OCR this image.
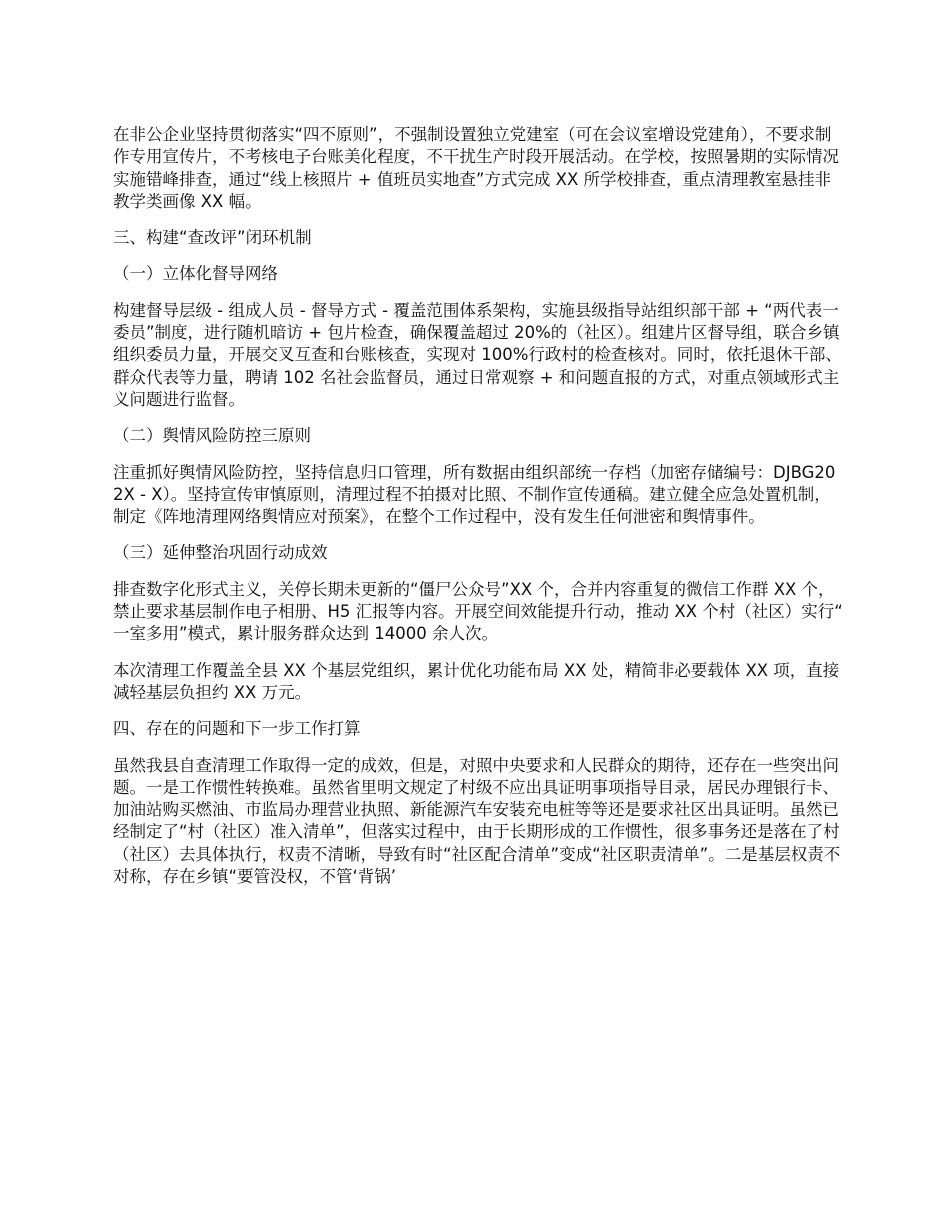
在非公企业坚持贯彻落实“四不原则”，不强制设置独立党建室（可在会议室增设党建角），不要求制作专用宣传片，不考核电子台账美化程度，不干扰生产时段开展活动。在学校，按照暑期的实际情况实施错峰排查，通过“线上核照片 + 值班员实地查”方式完成 XX 所学校排查，重点清理教室悬挂非教学类画像 XX 幅。

三、构建“查改评”闭环机制

（一）立体化督导网络

构建督导层级 - 组成人员 - 督导方式 - 覆盖范围体系架构，实施县级指导站组织部干部 + “两代表一委员”制度，进行随机暗访 + 包片检查，确保覆盖超过 20%的（社区）。组建片区督导组，联合乡镇组织委员力量，开展交叉互查和台账核查，实现对 100%行政村的检查核对。同时，依托退休干部、群众代表等力量，聘请 102 名社会监督员，通过日常观察 + 和问题直报的方式，对重点领域形式主义问题进行监督。

（二）舆情风险防控三原则

注重抓好舆情风险防控，坚持信息归口管理，所有数据由组织部统一存档（加密存储编号：DJBG202X - X）。坚持宣传审慎原则，清理过程不拍摄对比照、不制作宣传通稿。建立健全应急处置机制，制定《阵地清理网络舆情应对预案》，在整个工作过程中，没有发生任何泄密和舆情事件。

（三）延伸整治巩固行动成效

排查数字化形式主义，关停长期未更新的“僵尸公众号”XX 个，合并内容重复的微信工作群 XX 个，禁止要求基层制作电子相册、H5 汇报等内容。开展空间效能提升行动，推动 XX 个村（社区）实行“一室多用”模式，累计服务群众达到 14000 余人次。

本次清理工作覆盖全县 XX 个基层党组织，累计优化功能布局 XX 处，精简非必要载体 XX 项，直接减轻基层负担约 XX 万元。

四、存在的问题和下一步工作打算

虽然我县自查清理工作取得一定的成效，但是，对照中央要求和人民群众的期待，还存在一些突出问题。一是工作惯性转换难。虽然省里明文规定了村级不应出具证明事项指导目录，居民办理银行卡、加油站购买燃油、市监局办理营业执照、新能源汽车安装充电桩等等还是要求社区出具证明。虽然已经制定了“村（社区）准入清单”，但落实过程中，由于长期形成的工作惯性，很多事务还是落在了村（社区）去具体执行，权责不清晰，导致有时“社区配合清单”变成“社区职责清单”。二是基层权责不对称，存在乡镇“要管没权，不管‘背锅’
